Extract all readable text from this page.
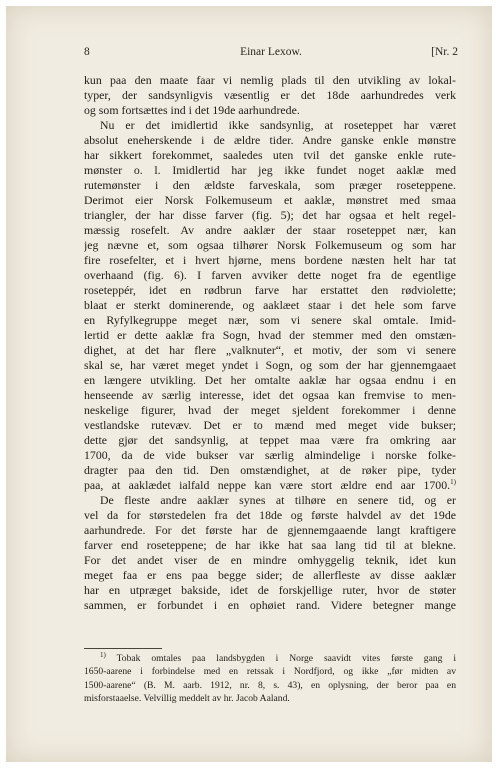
8	Einar Lexow.	[Nr. 2
kun paa den maate faar vi nemlig plads til den utvikling av lokal-
typer, der sandsynligvis væsentlig er det 18de aarhundredes verk
og som fortsættes ind i det 19de aarhundrede.
Nu er det imidlertid ikke sandsynlig, at roseteppet har været
absolut eneherskende i de ældre tider. Andre ganske enkle mønstre
har sikkert forekommet, saaledes uten tvil det ganske enkle rute-
mønster o. l. Imidlertid har jeg ikke fundet noget aaklæ med
rutemønster i den ældste farveskala, som præger roseteppene.
Derimot eier Norsk Folkemuseum et aaklæ, mønstret med smaa
triangler, der har disse farver (fig. 5); det har ogsaa et helt regel-
mæssig rosefelt. Av andre aaklær der staar roseteppet nær, kan
jeg nævne et, som ogsaa tilhører Norsk Folkemuseum og som har
fire rosefelter, et i hvert hjørne, mens bordene næsten helt har tat
overhaand (fig. 6). I farven avviker dette noget fra de egentlige
roseteppér, idet en rødbrun farve har erstattet den rødviolette;
blaat er sterkt dominerende, og aaklæet staar i det hele som farve
en Ryfylkegruppe meget nær, som vi senere skal omtale. Imid-
lertid er dette aaklæ fra Sogn, hvad der stemmer med den omstæn-
dighet, at det har flere „valknuter“, et motiv, der som vi senere
skal se, har været meget yndet i Sogn, og som der har gjennemgaaet
en længere utvikling. Det her omtalte aaklæ har ogsaa endnu i en
henseende av særlig interesse, idet det ogsaa kan fremvise to men-
neskelige figurer, hvad der meget sjeldent forekommer i denne
vestlandske rutevæv. Det er to mænd med meget vide bukser;
dette gjør det sandsynlig, at teppet maa være fra omkring aar
1700, da de vide bukser var særlig almindelige i norske folke-
dragter paa den tid. Den omstændighet, at de røker pipe, tyder
paa, at aaklædet ialfald neppe kan være stort ældre end aar 1700.$^{1)}$
De fleste andre aaklær synes at tilhøre en senere tid, og er
vel da for størstedelen fra det 18de og første halvdel av det 19de
aarhundrede. For det første har de gjennemgaaende langt kraftigere
farver end roseteppene; de har ikke hat saa lang tid til at blekne.
For det andet viser de en mindre omhyggelig teknik, idet kun
meget faa er ens paa begge sider; de allerfleste av disse aaklær
har en utpræget bakside, idet de forskjellige ruter, hvor de støter
sammen, er forbundet i en ophøiet rand. Videre betegner mange
$^{1)}$ Tobak omtales paa landsbygden i Norge saavidt vites første gang i
1650-aarene i forbindelse med en retssak i Nordfjord, og ikke „før midten av
1500-aarene“ (B. M. aarb. 1912, nr. 8, s. 43), en oplysning, der beror paa en
misforstaaelse. Velvillig meddelt av hr. Jacob Aaland.
